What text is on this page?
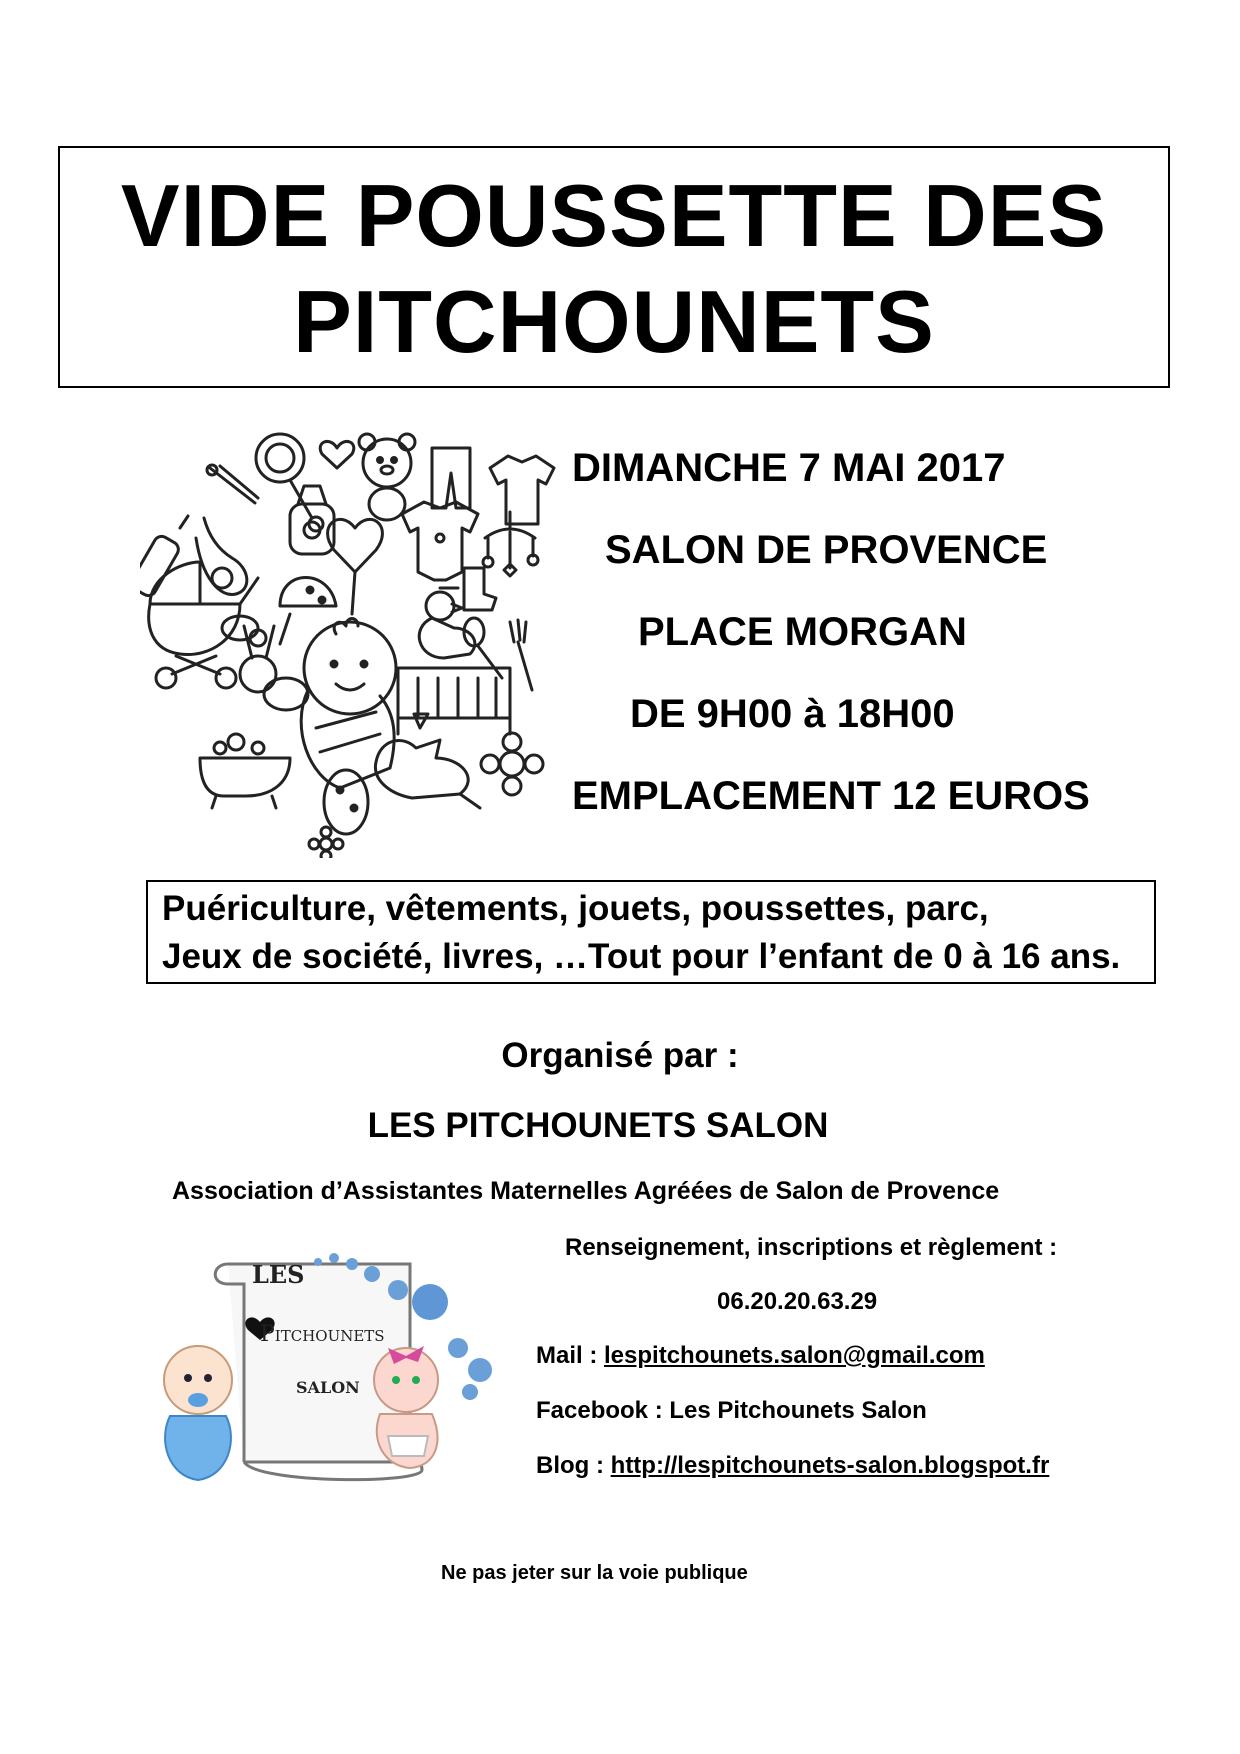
VIDE POUSSETTE DES
PITCHOUNETS
DIMANCHE 7 MAI 2017
SALON DE PROVENCE
PLACE MORGAN
DE 9H00 à 18H00
EMPLACEMENT 12 EUROS
Puériculture, vêtements, jouets, poussettes, parc,
Jeux de société, livres, …Tout pour l’enfant de 0 à 16 ans.
Organisé par :
LES PITCHOUNETS SALON
Association d’Assistantes Maternelles Agréées de Salon de Provence
LES
Pitchounets
SALON
Renseignement, inscriptions et règlement :
06.20.20.63.29
Mail : lespitchounets.salon@gmail.com
Facebook : Les Pitchounets Salon
Blog : http://lespitchounets-salon.blogspot.fr
Ne pas jeter sur la voie publique
